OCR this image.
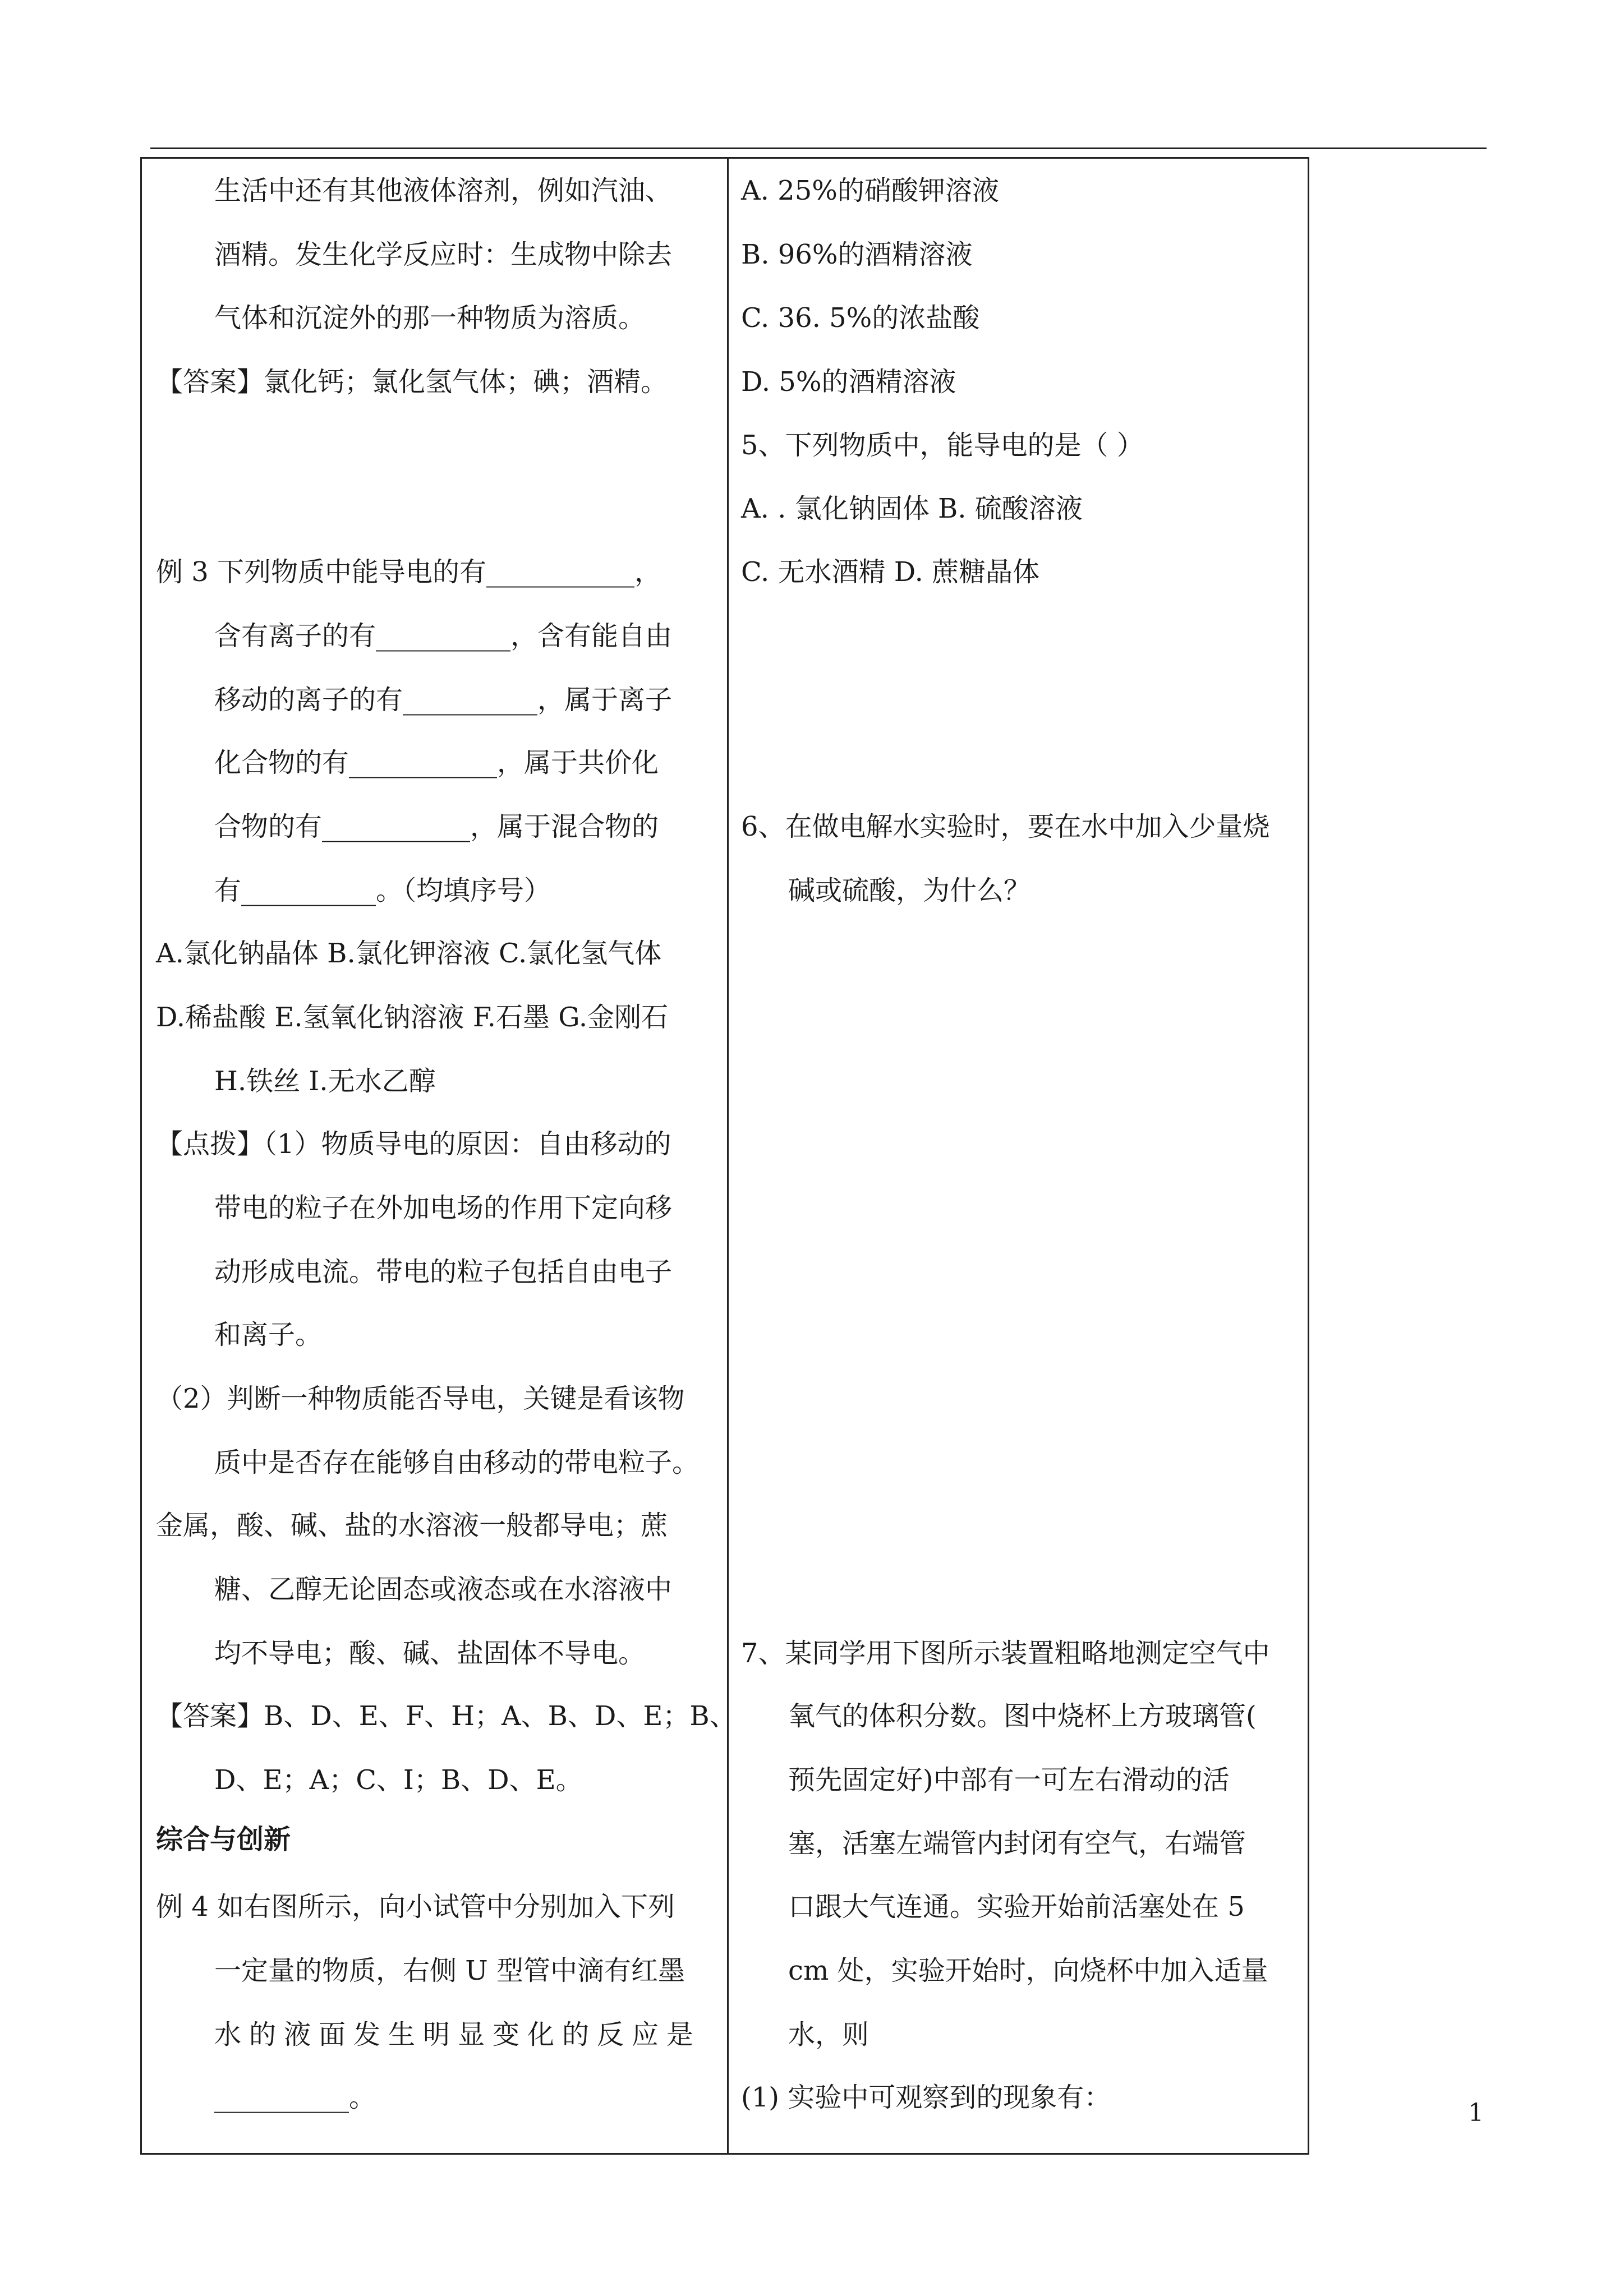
生活中还有其他液体溶剂，例如汽油、
酒精。发生化学反应时：生成物中除去
气体和沉淀外的那一种物质为溶质。
【答案】氯化钙；氯化氢气体；碘；酒精。
例 3 下列物质中能导电的有___________，
含有离子的有__________，含有能自由
移动的离子的有__________，属于离子
化合物的有___________，属于共价化
合物的有___________，属于混合物的
有__________。（均填序号）
A.氯化钠晶体 B.氯化钾溶液 C.氯化氢气体
D.稀盐酸 E.氢氧化钠溶液 F.石墨 G.金刚石
H.铁丝 I.无水乙醇
【点拨】（1）物质导电的原因：自由移动的
带电的粒子在外加电场的作用下定向移
动形成电流。带电的粒子包括自由电子
和离子。
（2）判断一种物质能否导电，关键是看该物
质中是否存在能够自由移动的带电粒子。
金属，酸、碱、盐的水溶液一般都导电；蔗
糖、乙醇无论固态或液态或在水溶液中
均不导电；酸、碱、盐固体不导电。
【答案】B、D、E、F、H；A、B、D、E；B、
D、E；A；C、I；B、D、E。
综合与创新
例 4 如右图所示，向小试管中分别加入下列
一定量的物质，右侧 U 型管中滴有红墨
水的液面发生明显变化的反应是
__________。
A. 25%的硝酸钾溶液
B. 96%的酒精溶液
C. 36. 5%的浓盐酸
D. 5%的酒精溶液
5、下列物质中，能导电的是（ ）
A. . 氯化钠固体 B. 硫酸溶液
C. 无水酒精 D. 蔗糖晶体
6、在做电解水实验时，要在水中加入少量烧
碱或硫酸，为什么？
7、某同学用下图所示装置粗略地测定空气中
氧气的体积分数。图中烧杯上方玻璃管(
预先固定好)中部有一可左右滑动的活
塞，活塞左端管内封闭有空气，右端管
口跟大气连通。实验开始前活塞处在 5
cm 处，实验开始时，向烧杯中加入适量
水，则
(1) 实验中可观察到的现象有：	1
